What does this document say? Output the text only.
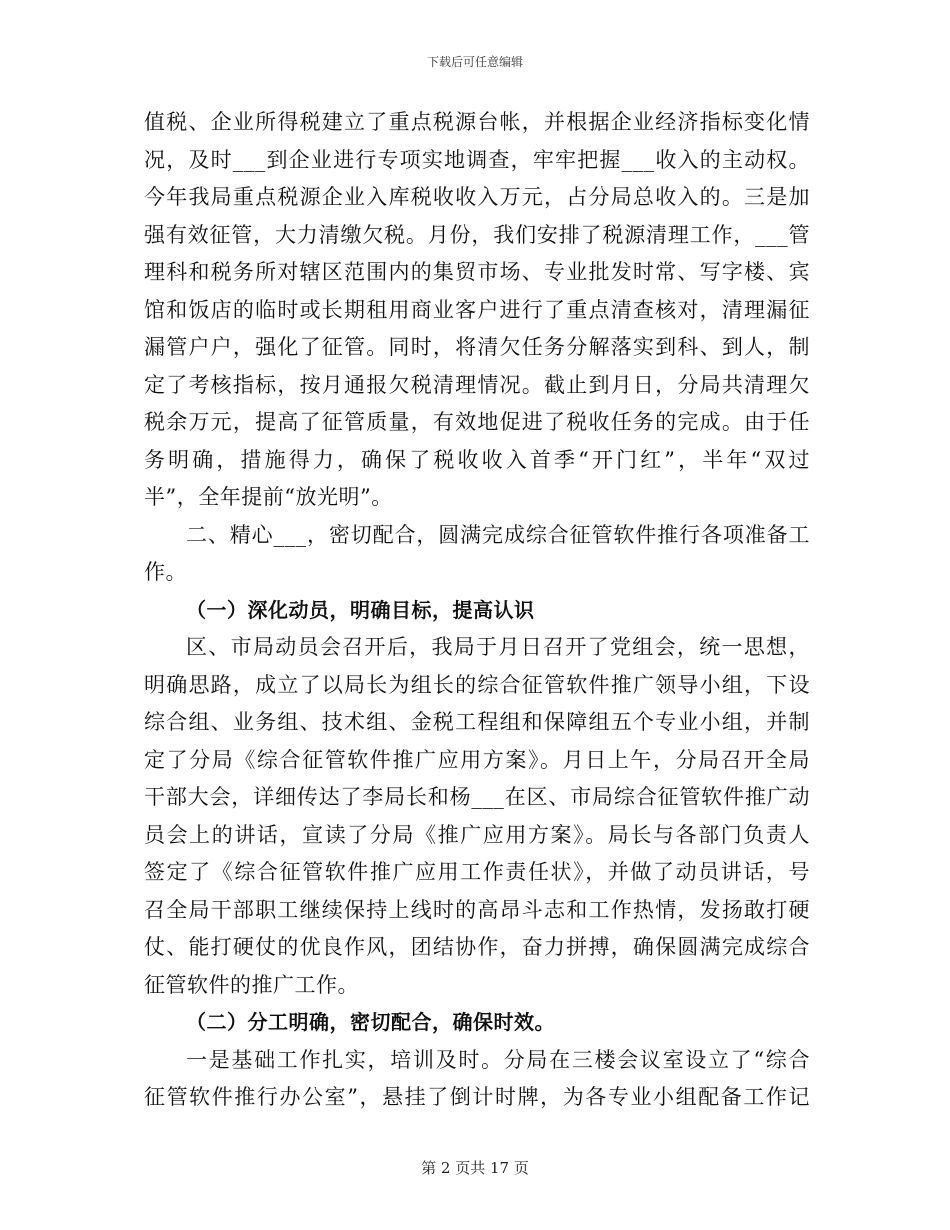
下载后可任意编辑
值税、企业所得税建立了重点税源台帐，并根据企业经济指标变化情
况，及时___到企业进行专项实地调查，牢牢把握___收入的主动权。
今年我局重点税源企业入库税收收入万元，占分局总收入的。三是加
强有效征管，大力清缴欠税。月份，我们安排了税源清理工作，___管
理科和税务所对辖区范围内的集贸市场、专业批发时常、写字楼、宾
馆和饭店的临时或长期租用商业客户进行了重点清查核对，清理漏征
漏管户户，强化了征管。同时，将清欠任务分解落实到科、到人，制
定了考核指标，按月通报欠税清理情况。截止到月日，分局共清理欠
税余万元，提高了征管质量，有效地促进了税收任务的完成。由于任
务明确，措施得力，确保了税收收入首季“开门红”，半年“双过
半”，全年提前“放光明”。
二、精心___，密切配合，圆满完成综合征管软件推行各项准备工
作。
（一）深化动员，明确目标，提高认识
区、市局动员会召开后，我局于月日召开了党组会，统一思想，
明确思路，成立了以局长为组长的综合征管软件推广领导小组，下设
综合组、业务组、技术组、金税工程组和保障组五个专业小组，并制
定了分局《综合征管软件推广应用方案》。月日上午，分局召开全局
干部大会，详细传达了李局长和杨___在区、市局综合征管软件推广动
员会上的讲话，宣读了分局《推广应用方案》。局长与各部门负责人
签定了《综合征管软件推广应用工作责任状》，并做了动员讲话，号
召全局干部职工继续保持上线时的高昂斗志和工作热情，发扬敢打硬
仗、能打硬仗的优良作风，团结协作，奋力拼搏，确保圆满完成综合
征管软件的推广工作。
（二）分工明确，密切配合，确保时效。
一是基础工作扎实，培训及时。分局在三楼会议室设立了“综合
征管软件推行办公室”，悬挂了倒计时牌，为各专业小组配备工作记
第 2 页共 17 页
